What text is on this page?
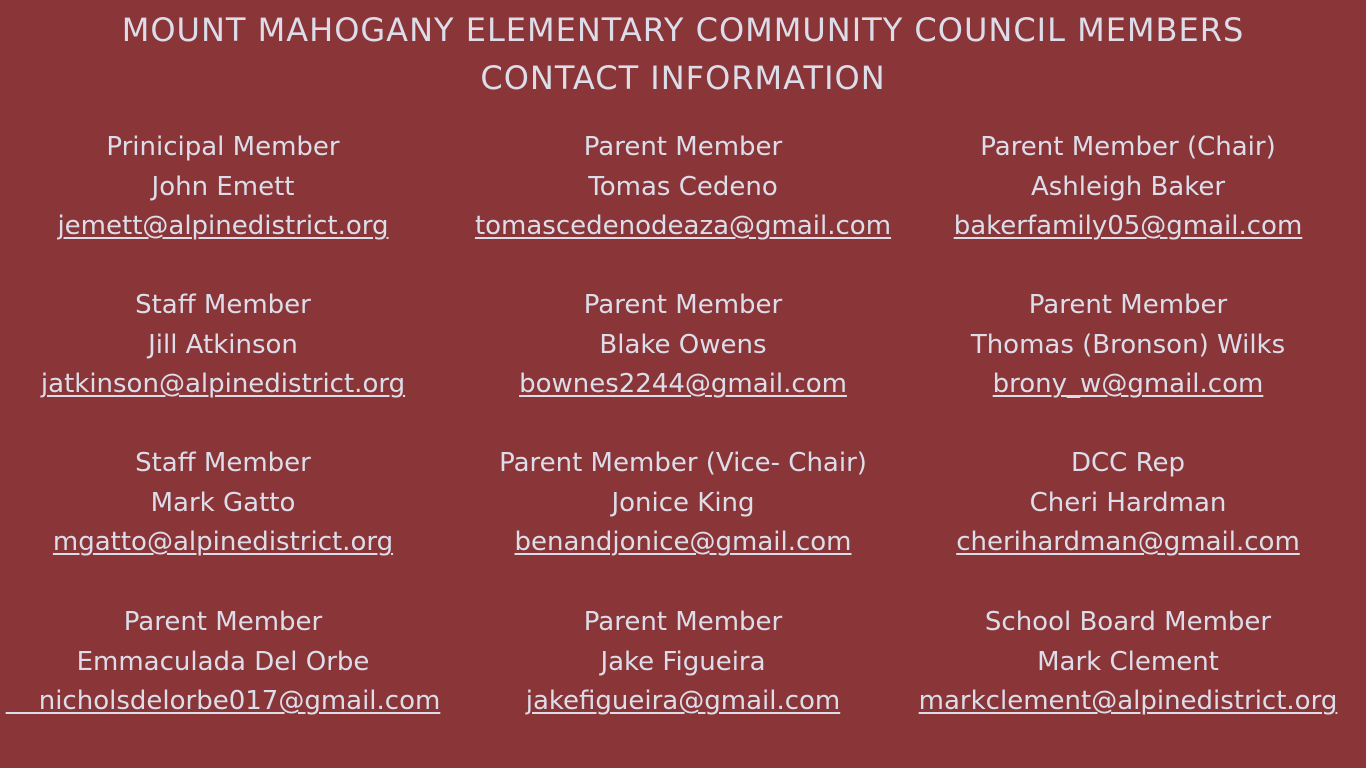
MOUNT MAHOGANY ELEMENTARY COMMUNITY COUNCIL MEMBERS
CONTACT INFORMATION
Prinicipal Member
John Emett
jemett@alpinedistrict.org
Parent Member
Tomas Cedeno
tomascedenodeaza@gmail.com
Parent Member (Chair)
Ashleigh Baker
bakerfamily05@gmail.com
Staff Member
Jill Atkinson
jatkinson@alpinedistrict.org
Parent Member
Blake Owens
bownes2244@gmail.com
Parent Member
Thomas (Bronson) Wilks
brony_w@gmail.com
Staff Member
Mark Gatto
mgatto@alpinedistrict.org
Parent Member (Vice- Chair)
Jonice King
benandjonice@gmail.com
DCC Rep
Cheri Hardman
cherihardman@gmail.com
Parent Member
Emmaculada Del Orbe
nicholsdelorbe017@gmail.com
Parent Member
Jake Figueira
jakefigueira@gmail.com
School Board Member
Mark Clement
markclement@alpinedistrict.org
